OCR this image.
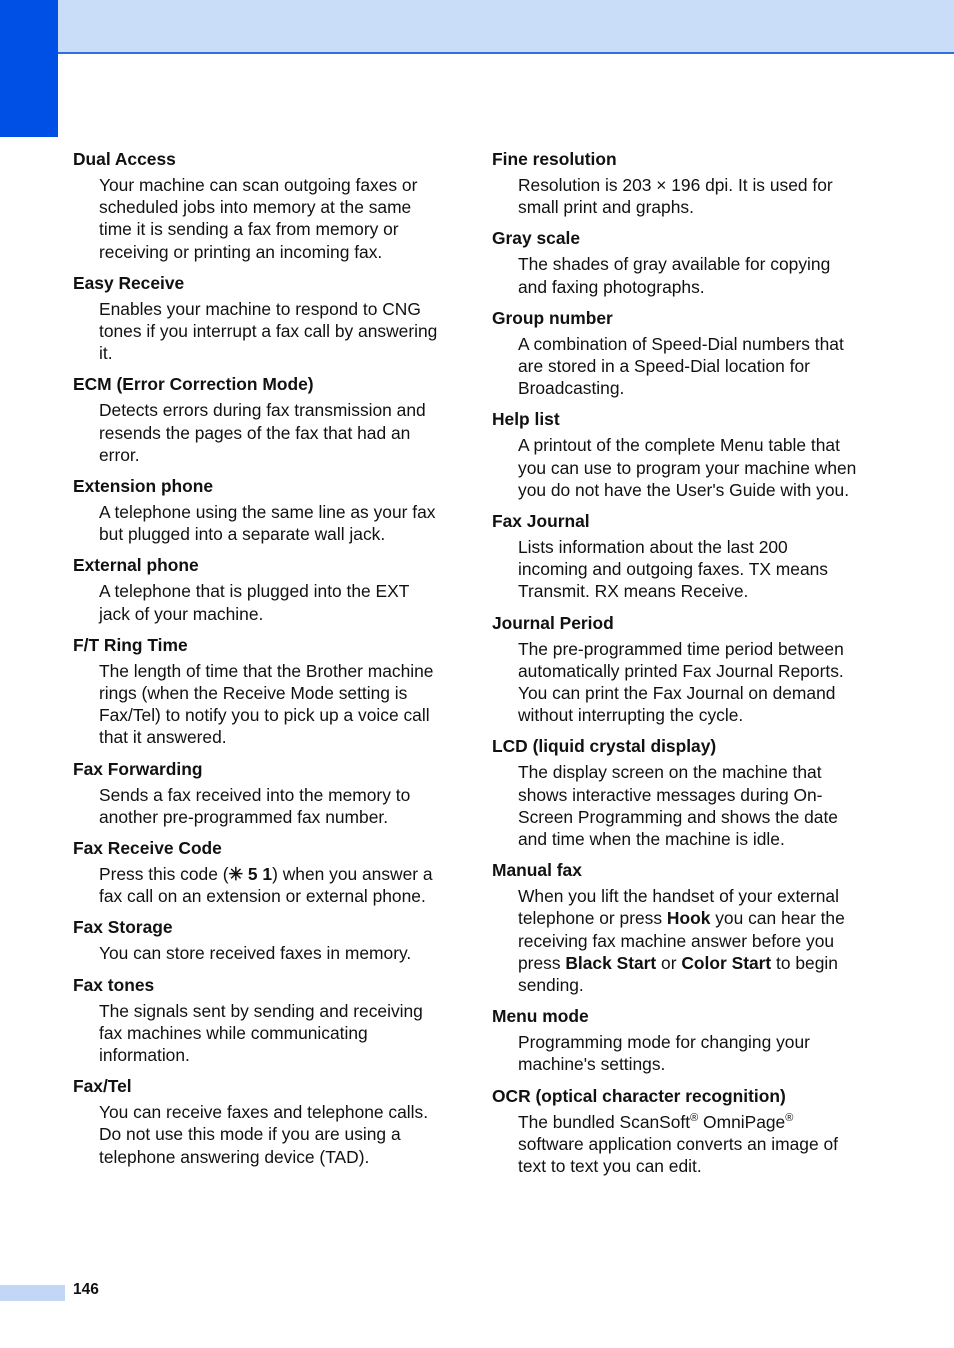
Dual Access
Your machine can scan outgoing faxes or scheduled jobs into memory at the same time it is sending a fax from memory or receiving or printing an incoming fax.
Easy Receive
Enables your machine to respond to CNG tones if you interrupt a fax call by answering it.
ECM (Error Correction Mode)
Detects errors during fax transmission and resends the pages of the fax that had an error.
Extension phone
A telephone using the same line as your fax but plugged into a separate wall jack.
External phone
A telephone that is plugged into the EXT jack of your machine.
F/T Ring Time
The length of time that the Brother machine rings (when the Receive Mode setting is Fax/Tel) to notify you to pick up a voice call that it answered.
Fax Forwarding
Sends a fax received into the memory to another pre-programmed fax number.
Fax Receive Code
Press this code (✳ 5 1) when you answer a fax call on an extension or external phone.
Fax Storage
You can store received faxes in memory.
Fax tones
The signals sent by sending and receiving fax machines while communicating information.
Fax/Tel
You can receive faxes and telephone calls. Do not use this mode if you are using a telephone answering device (TAD).
Fine resolution
Resolution is 203 × 196 dpi. It is used for small print and graphs.
Gray scale
The shades of gray available for copying and faxing photographs.
Group number
A combination of Speed-Dial numbers that are stored in a Speed-Dial location for Broadcasting.
Help list
A printout of the complete Menu table that you can use to program your machine when you do not have the User's Guide with you.
Fax Journal
Lists information about the last 200 incoming and outgoing faxes. TX means Transmit. RX means Receive.
Journal Period
The pre-programmed time period between automatically printed Fax Journal Reports. You can print the Fax Journal on demand without interrupting the cycle.
LCD (liquid crystal display)
The display screen on the machine that shows interactive messages during On-Screen Programming and shows the date and time when the machine is idle.
Manual fax
When you lift the handset of your external telephone or press Hook you can hear the receiving fax machine answer before you press Black Start or Color Start to begin sending.
Menu mode
Programming mode for changing your machine's settings.
OCR (optical character recognition)
The bundled ScanSoft® OmniPage® software application converts an image of text to text you can edit.
146
